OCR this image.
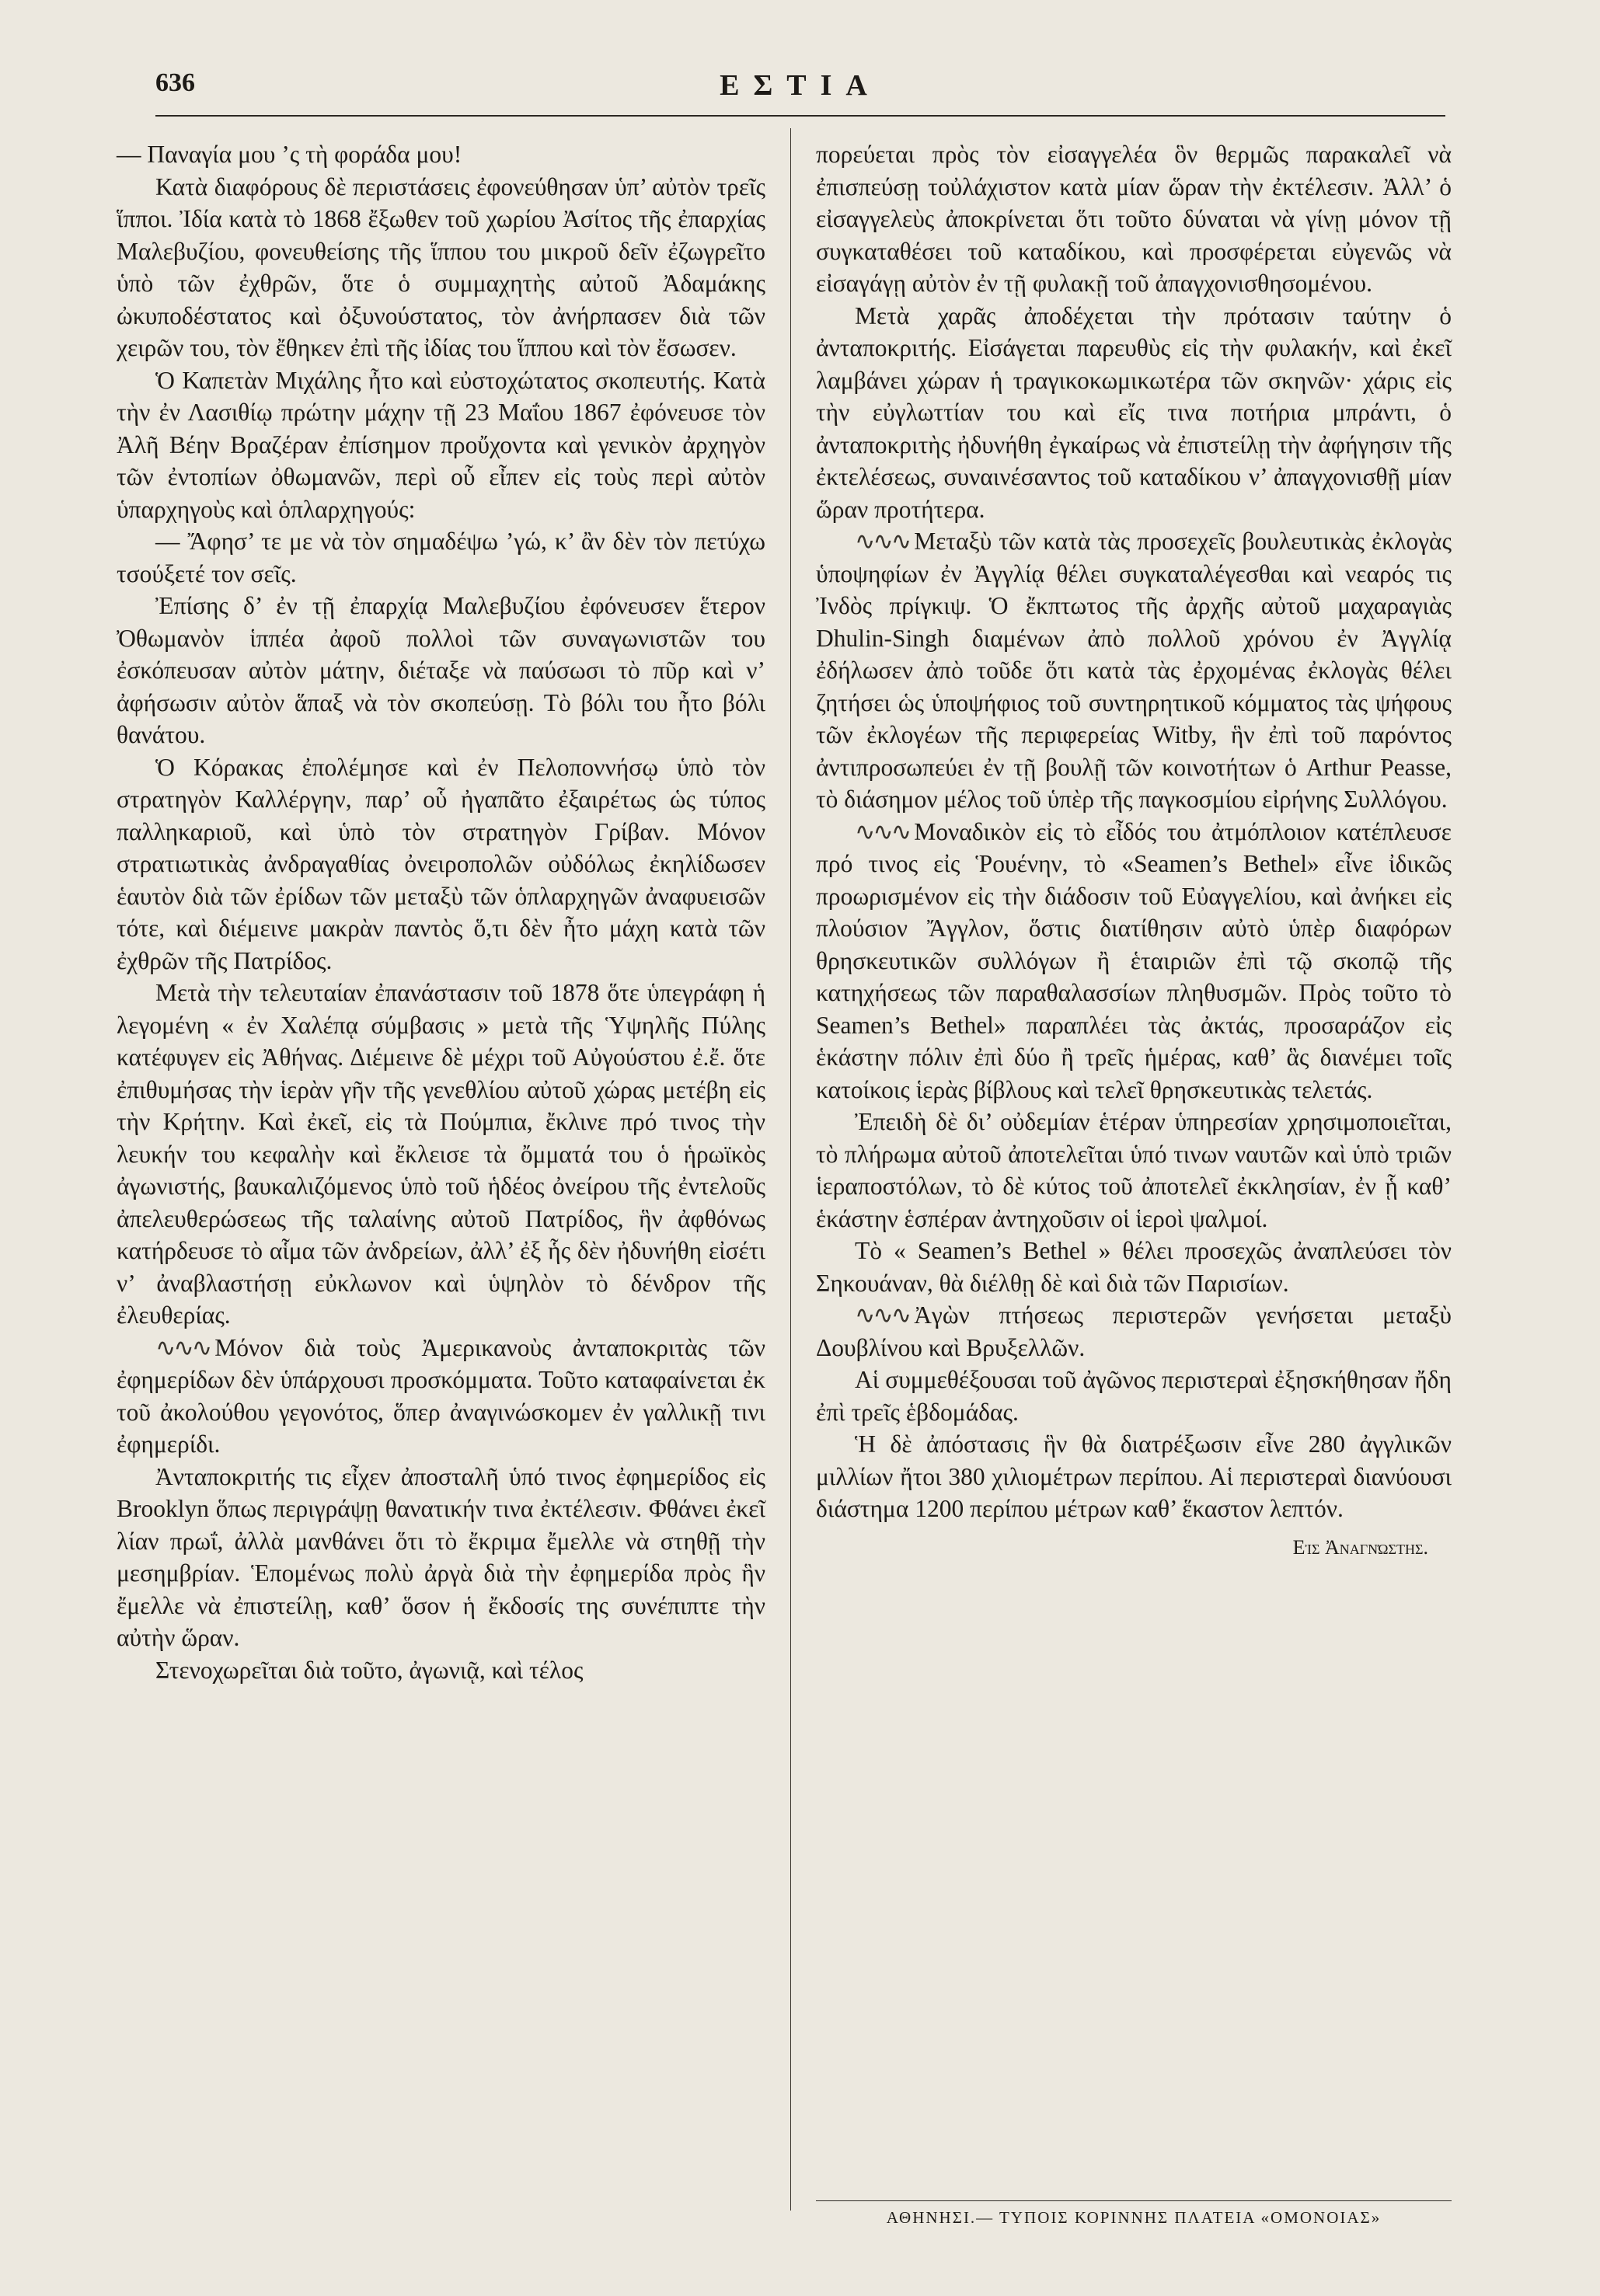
636	ΕΣΤΙΑ

— Παναγία μου ’ς τὴ φοράδα μου!

Κατὰ διαφόρους δὲ περιστάσεις ἐφονεύθησαν ὑπ’ αὐτὸν τρεῖς ἵπποι. Ἰδία κατὰ τὸ 1868 ἔξωθεν τοῦ χωρίου Ἀσίτος τῆς ἐπαρχίας Μαλεβυζίου, φονευθείσης τῆς ἵππου του μικροῦ δεῖν ἐζωγρεῖτο ὑπὸ τῶν ἐχθρῶν, ὅτε ὁ συμμαχητὴς αὐτοῦ Ἀδαμάκης ὠκυποδέστατος καὶ ὀξυνούστατος, τὸν ἀνήρπασεν διὰ τῶν χειρῶν του, τὸν ἔθηκεν ἐπὶ τῆς ἰδίας του ἵππου καὶ τὸν ἔσωσεν.

Ὁ Καπετὰν Μιχάλης ἦτο καὶ εὐστοχώτατος σκοπευτής. Κατὰ τὴν ἐν Λασιθίῳ πρώτην μάχην τῇ 23 Μαΐου 1867 ἐφόνευσε τὸν Ἀλῆ Βέην Βραζέραν ἐπίσημον προὔχοντα καὶ γενικὸν ἀρχηγὸν τῶν ἐντοπίων ὀθωμανῶν, περὶ οὗ εἶπεν εἰς τοὺς περὶ αὐτὸν ὑπαρχηγοὺς καὶ ὁπλαρχηγούς:

— Ἄφησ’ τε με νὰ τὸν σημαδέψω ’γώ, κ’ ἂν δὲν τὸν πετύχω τσούξετέ τον σεῖς.

Ἐπίσης δ’ ἐν τῇ ἐπαρχίᾳ Μαλεβυζίου ἐφόνευσεν ἕτερον Ὀθωμανὸν ἱππέα ἀφοῦ πολλοὶ τῶν συναγωνιστῶν του ἐσκόπευσαν αὐτὸν μάτην, διέταξε νὰ παύσωσι τὸ πῦρ καὶ ν’ ἀφήσωσιν αὐτὸν ἅπαξ νὰ τὸν σκοπεύσῃ. Τὸ βόλι του ἦτο βόλι θανάτου.

Ὁ Κόρακας ἐπολέμησε καὶ ἐν Πελοποννήσῳ ὑπὸ τὸν στρατηγὸν Καλλέργην, παρ’ οὗ ἠγαπᾶτο ἐξαιρέτως ὡς τύπος παλληκαριοῦ, καὶ ὑπὸ τὸν στρατηγὸν Γρίβαν. Μόνον στρατιωτικὰς ἀνδραγαθίας ὀνειροπολῶν οὐδόλως ἐκηλίδωσεν ἑαυτὸν διὰ τῶν ἐρίδων τῶν μεταξὺ τῶν ὁπλαρχηγῶν ἀναφυεισῶν τότε, καὶ διέμεινε μακρὰν παντὸς ὅ,τι δὲν ἦτο μάχη κατὰ τῶν ἐχθρῶν τῆς Πατρίδος.

Μετὰ τὴν τελευταίαν ἐπανάστασιν τοῦ 1878 ὅτε ὑπεγράφη ἡ λεγομένη « ἐν Χαλέπᾳ σύμβασις » μετὰ τῆς Ὑψηλῆς Πύλης κατέφυγεν εἰς Ἀθήνας. Διέμεινε δὲ μέχρι τοῦ Αὐγούστου ἐ.ἔ. ὅτε ἐπιθυμήσας τὴν ἱερὰν γῆν τῆς γενεθλίου αὐτοῦ χώρας μετέβη εἰς τὴν Κρήτην. Καὶ ἐκεῖ, εἰς τὰ Πούμπια, ἔκλινε πρό τινος τὴν λευκήν του κεφαλὴν καὶ ἔκλεισε τὰ ὄμματά του ὁ ἡρωϊκὸς ἀγωνιστής, βαυκαλιζόμενος ὑπὸ τοῦ ἡδέος ὀνείρου τῆς ἐντελοῦς ἀπελευθερώσεως τῆς ταλαίνης αὐτοῦ Πατρίδος, ἣν ἀφθόνως κατήρδευσε τὸ αἷμα τῶν ἀνδρείων, ἀλλ’ ἐξ ἧς δὲν ἠδυνήθη εἰσέτι ν’ ἀναβλαστήσῃ εὐκλωνον καὶ ὑψηλὸν τὸ δένδρον τῆς ἐλευθερίας.

∿∿∿ Μόνον διὰ τοὺς Ἀμερικανοὺς ἀνταποκριτὰς τῶν ἐφημερίδων δὲν ὑπάρχουσι προσκόμματα. Τοῦτο καταφαίνεται ἐκ τοῦ ἀκολούθου γεγονότος, ὅπερ ἀναγινώσκομεν ἐν γαλλικῇ τινι ἐφημερίδι.

Ἀνταποκριτής τις εἶχεν ἀποσταλῆ ὑπό τινος ἐφημερίδος εἰς Brooklyn ὅπως περιγράψῃ θανατικήν τινα ἐκτέλεσιν. Φθάνει ἐκεῖ λίαν πρωΐ, ἀλλὰ μανθάνει ὅτι τὸ ἔκριμα ἔμελλε νὰ στηθῇ τὴν μεσημβρίαν. Ἑπομένως πολὺ ἀργὰ διὰ τὴν ἐφημερίδα πρὸς ἣν ἔμελλε νὰ ἐπιστείλῃ, καθ’ ὅσον ἡ ἔκδοσίς της συνέπιπτε τὴν αὐτὴν ὥραν.

Στενοχωρεῖται διὰ τοῦτο, ἀγωνιᾷ, καὶ τέλος

πορεύεται πρὸς τὸν εἰσαγγελέα ὃν θερμῶς παρακαλεῖ νὰ ἐπισπεύσῃ τοὐλάχιστον κατὰ μίαν ὥραν τὴν ἐκτέλεσιν. Ἀλλ’ ὁ εἰσαγγελεὺς ἀποκρίνεται ὅτι τοῦτο δύναται νὰ γίνῃ μόνον τῇ συγκαταθέσει τοῦ καταδίκου, καὶ προσφέρεται εὐγενῶς νὰ εἰσαγάγῃ αὐτὸν ἐν τῇ φυλακῇ τοῦ ἀπαγχονισθησομένου.

Μετὰ χαρᾶς ἀποδέχεται τὴν πρότασιν ταύτην ὁ ἀνταποκριτής. Εἰσάγεται παρευθὺς εἰς τὴν φυλακήν, καὶ ἐκεῖ λαμβάνει χώραν ἡ τραγικοκωμικωτέρα τῶν σκηνῶν· χάρις εἰς τὴν εὐγλωττίαν του καὶ εἴς τινα ποτήρια μπράντι, ὁ ἀνταποκριτὴς ἠδυνήθη ἐγκαίρως νὰ ἐπιστείλῃ τὴν ἀφήγησιν τῆς ἐκτελέσεως, συναινέσαντος τοῦ καταδίκου ν’ ἀπαγχονισθῇ μίαν ὥραν προτήτερα.

∿∿∿ Μεταξὺ τῶν κατὰ τὰς προσεχεῖς βουλευτικὰς ἐκλογὰς ὑποψηφίων ἐν Ἀγγλίᾳ θέλει συγκαταλέγεσθαι καὶ νεαρός τις Ἰνδὸς πρίγκιψ. Ὁ ἔκπτωτος τῆς ἀρχῆς αὐτοῦ μαχαραγιὰς Dhulin-Singh διαμένων ἀπὸ πολλοῦ χρόνου ἐν Ἀγγλίᾳ ἐδήλωσεν ἀπὸ τοῦδε ὅτι κατὰ τὰς ἐρχομένας ἐκλογὰς θέλει ζητήσει ὡς ὑποψήφιος τοῦ συντηρητικοῦ κόμματος τὰς ψήφους τῶν ἐκλογέων τῆς περιφερείας Witby, ἣν ἐπὶ τοῦ παρόντος ἀντιπροσωπεύει ἐν τῇ βουλῇ τῶν κοινοτήτων ὁ Arthur Peasse, τὸ διάσημον μέλος τοῦ ὑπὲρ τῆς παγκοσμίου εἰρήνης Συλλόγου.

∿∿∿ Μοναδικὸν εἰς τὸ εἶδός του ἀτμόπλοιον κατέπλευσε πρό τινος εἰς Ῥουένην, τὸ «Seamen’s Bethel» εἶνε ἰδικῶς προωρισμένον εἰς τὴν διάδοσιν τοῦ Εὐαγγελίου, καὶ ἀνήκει εἰς πλούσιον Ἄγγλον, ὅστις διατίθησιν αὐτὸ ὑπὲρ διαφόρων θρησκευτικῶν συλλόγων ἢ ἑταιριῶν ἐπὶ τῷ σκοπῷ τῆς κατηχήσεως τῶν παραθαλασσίων πληθυσμῶν. Πρὸς τοῦτο τὸ Seamen’s Bethel» παραπλέει τὰς ἀκτάς, προσαράζον εἰς ἑκάστην πόλιν ἐπὶ δύο ἢ τρεῖς ἡμέρας, καθ’ ἃς διανέμει τοῖς κατοίκοις ἱερὰς βίβλους καὶ τελεῖ θρησκευτικὰς τελετάς.

Ἐπειδὴ δὲ δι’ οὐδεμίαν ἑτέραν ὑπηρεσίαν χρησιμοποιεῖται, τὸ πλήρωμα αὐτοῦ ἀποτελεῖται ὑπό τινων ναυτῶν καὶ ὑπὸ τριῶν ἱεραποστόλων, τὸ δὲ κύτος τοῦ ἀποτελεῖ ἐκκλησίαν, ἐν ᾗ καθ’ ἑκάστην ἑσπέραν ἀντηχοῦσιν οἱ ἱεροὶ ψαλμοί.

Τὸ « Seamen’s Bethel » θέλει προσεχῶς ἀναπλεύσει τὸν Σηκουάναν, θὰ διέλθῃ δὲ καὶ διὰ τῶν Παρισίων.

∿∿∿ Ἀγὼν πτήσεως περιστερῶν γενήσεται μεταξὺ Δουβλίνου καὶ Βρυξελλῶν.

Αἱ συμμεθέξουσαι τοῦ ἀγῶνος περιστεραὶ ἐξησκήθησαν ἤδη ἐπὶ τρεῖς ἑβδομάδας.

Ἡ δὲ ἀπόστασις ἣν θὰ διατρέξωσιν εἶνε 280 ἀγγλικῶν μιλλίων ἤτοι 380 χιλιομέτρων περίπου. Αἱ περιστεραὶ διανύουσι διάστημα 1200 περίπου μέτρων καθ’ ἕκαστον λεπτόν.

Εἰς Ἀναγνώστης.

ΑΘΗΝΗΣΙ.— ΤΥΠΟΙΣ ΚΟΡΙΝΝΗΣ ΠΛΑΤΕΙΑ «ΟΜΟΝΟΙΑΣ»
